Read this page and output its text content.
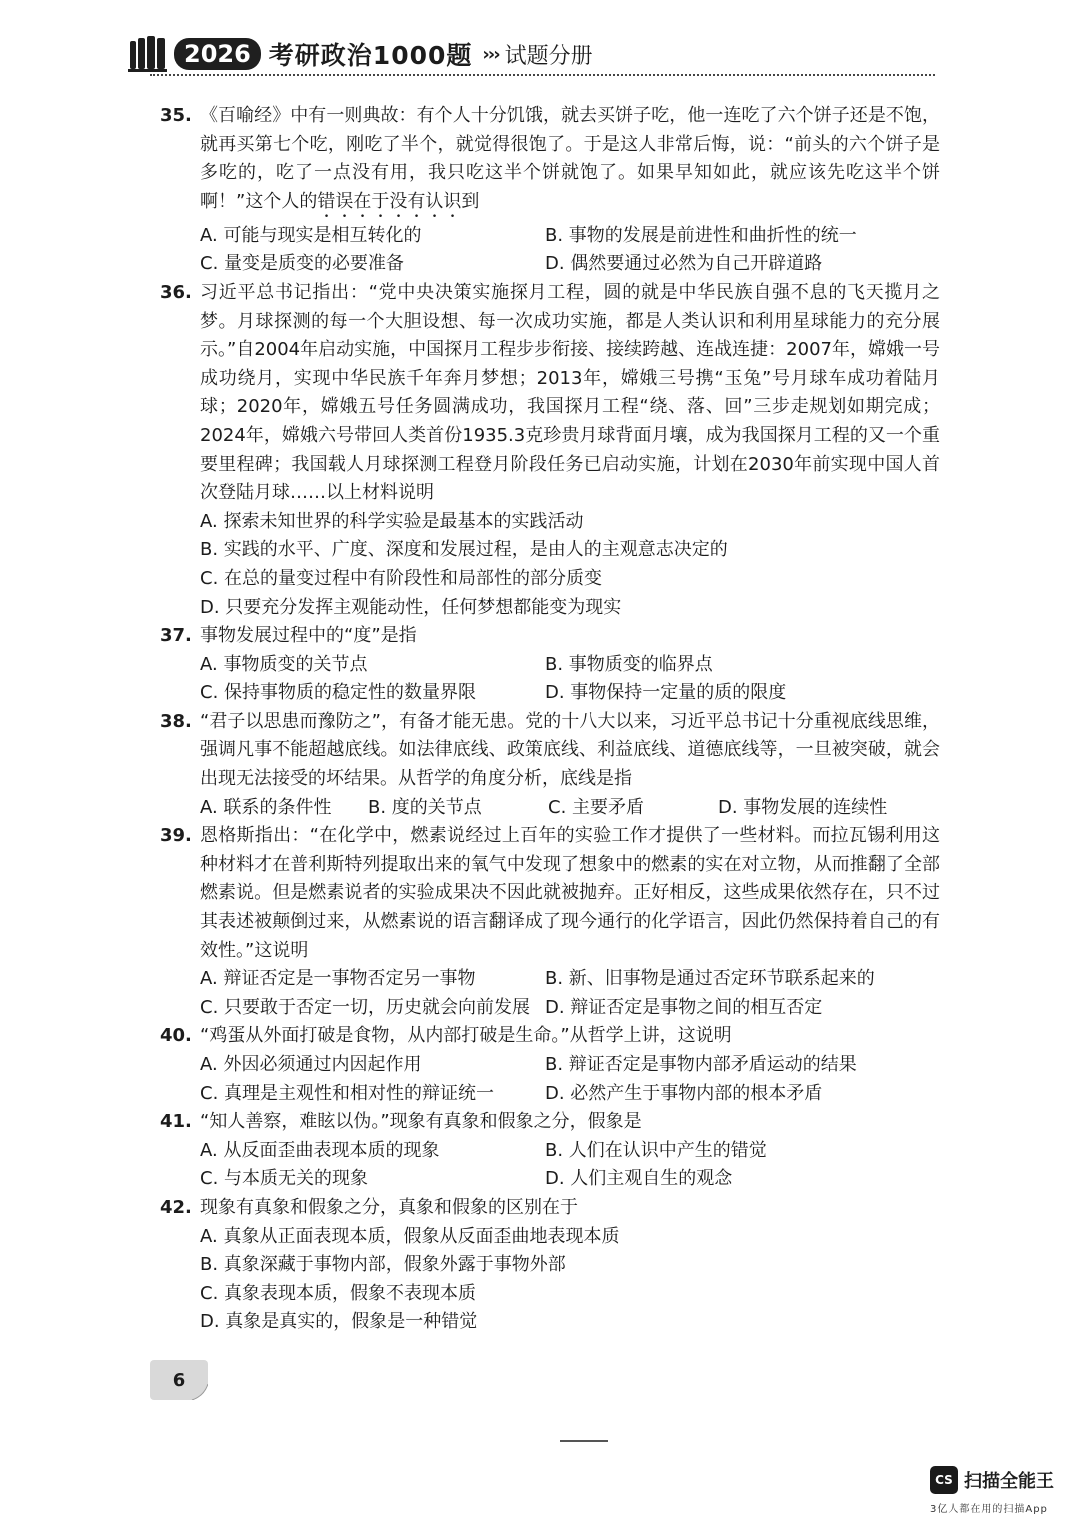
2026 考研政治1000题 ››› 试题分册
35. 《百喻经》中有一则典故：有个人十分饥饿，就去买饼子吃，他一连吃了六个饼子还是不饱，就再买第七个吃，刚吃了半个，就觉得很饱了。于是这人非常后悔，说：“前头的六个饼子是多吃的，吃了一点没有用，我只吃这半个饼就饱了。如果早知如此，就应该先吃这半个饼啊！”这个人的错误在于没有认识到
A. 可能与现实是相互转化的	B. 事物的发展是前进性和曲折性的统一
C. 量变是质变的必要准备	D. 偶然要通过必然为自己开辟道路
36. 习近平总书记指出：“党中央决策实施探月工程，圆的就是中华民族自强不息的飞天揽月之梦。月球探测的每一个大胆设想、每一次成功实施，都是人类认识和利用星球能力的充分展示。”自2004年启动实施，中国探月工程步步衔接、接续跨越、连战连捷：2007年，嫦娥一号成功绕月，实现中华民族千年奔月梦想；2013年，嫦娥三号携“玉兔”号月球车成功着陆月球；2020年，嫦娥五号任务圆满成功，我国探月工程“绕、落、回”三步走规划如期完成；2024年，嫦娥六号带回人类首份1935.3克珍贵月球背面月壤，成为我国探月工程的又一个重要里程碑；我国载人月球探测工程登月阶段任务已启动实施，计划在2030年前实现中国人首次登陆月球……以上材料说明
A. 探索未知世界的科学实验是最基本的实践活动
B. 实践的水平、广度、深度和发展过程，是由人的主观意志决定的
C. 在总的量变过程中有阶段性和局部性的部分质变
D. 只要充分发挥主观能动性，任何梦想都能变为现实
37. 事物发展过程中的“度”是指
A. 事物质变的关节点	B. 事物质变的临界点
C. 保持事物质的稳定性的数量界限	D. 事物保持一定量的质的限度
38. “君子以思患而豫防之”，有备才能无患。党的十八大以来，习近平总书记十分重视底线思维，强调凡事不能超越底线。如法律底线、政策底线、利益底线、道德底线等，一旦被突破，就会出现无法接受的坏结果。从哲学的角度分析，底线是指
A. 联系的条件性	B. 度的关节点	C. 主要矛盾	D. 事物发展的连续性
39. 恩格斯指出：“在化学中，燃素说经过上百年的实验工作才提供了一些材料。而拉瓦锡利用这种材料才在普利斯特列提取出来的氧气中发现了想象中的燃素的实在对立物，从而推翻了全部燃素说。但是燃素说者的实验成果决不因此就被抛弃。正好相反，这些成果依然存在，只不过其表述被颠倒过来，从燃素说的语言翻译成了现今通行的化学语言，因此仍然保持着自己的有效性。”这说明
A. 辩证否定是一事物否定另一事物	B. 新、旧事物是通过否定环节联系起来的
C. 只要敢于否定一切，历史就会向前发展 D. 辩证否定是事物之间的相互否定
40. “鸡蛋从外面打破是食物，从内部打破是生命。”从哲学上讲，这说明
A. 外因必须通过内因起作用	B. 辩证否定是事物内部矛盾运动的结果
C. 真理是主观性和相对性的辩证统一	D. 必然产生于事物内部的根本矛盾
41. “知人善察，难眩以伪。”现象有真象和假象之分，假象是
A. 从反面歪曲表现本质的现象	B. 人们在认识中产生的错觉
C. 与本质无关的现象	D. 人们主观自生的观念
42. 现象有真象和假象之分，真象和假象的区别在于
A. 真象从正面表现本质，假象从反面歪曲地表现本质
B. 真象深藏于事物内部，假象外露于事物外部
C. 真象表现本质，假象不表现本质
D. 真象是真实的，假象是一种错觉
6
CS 扫描全能王
3亿人都在用的扫描App
